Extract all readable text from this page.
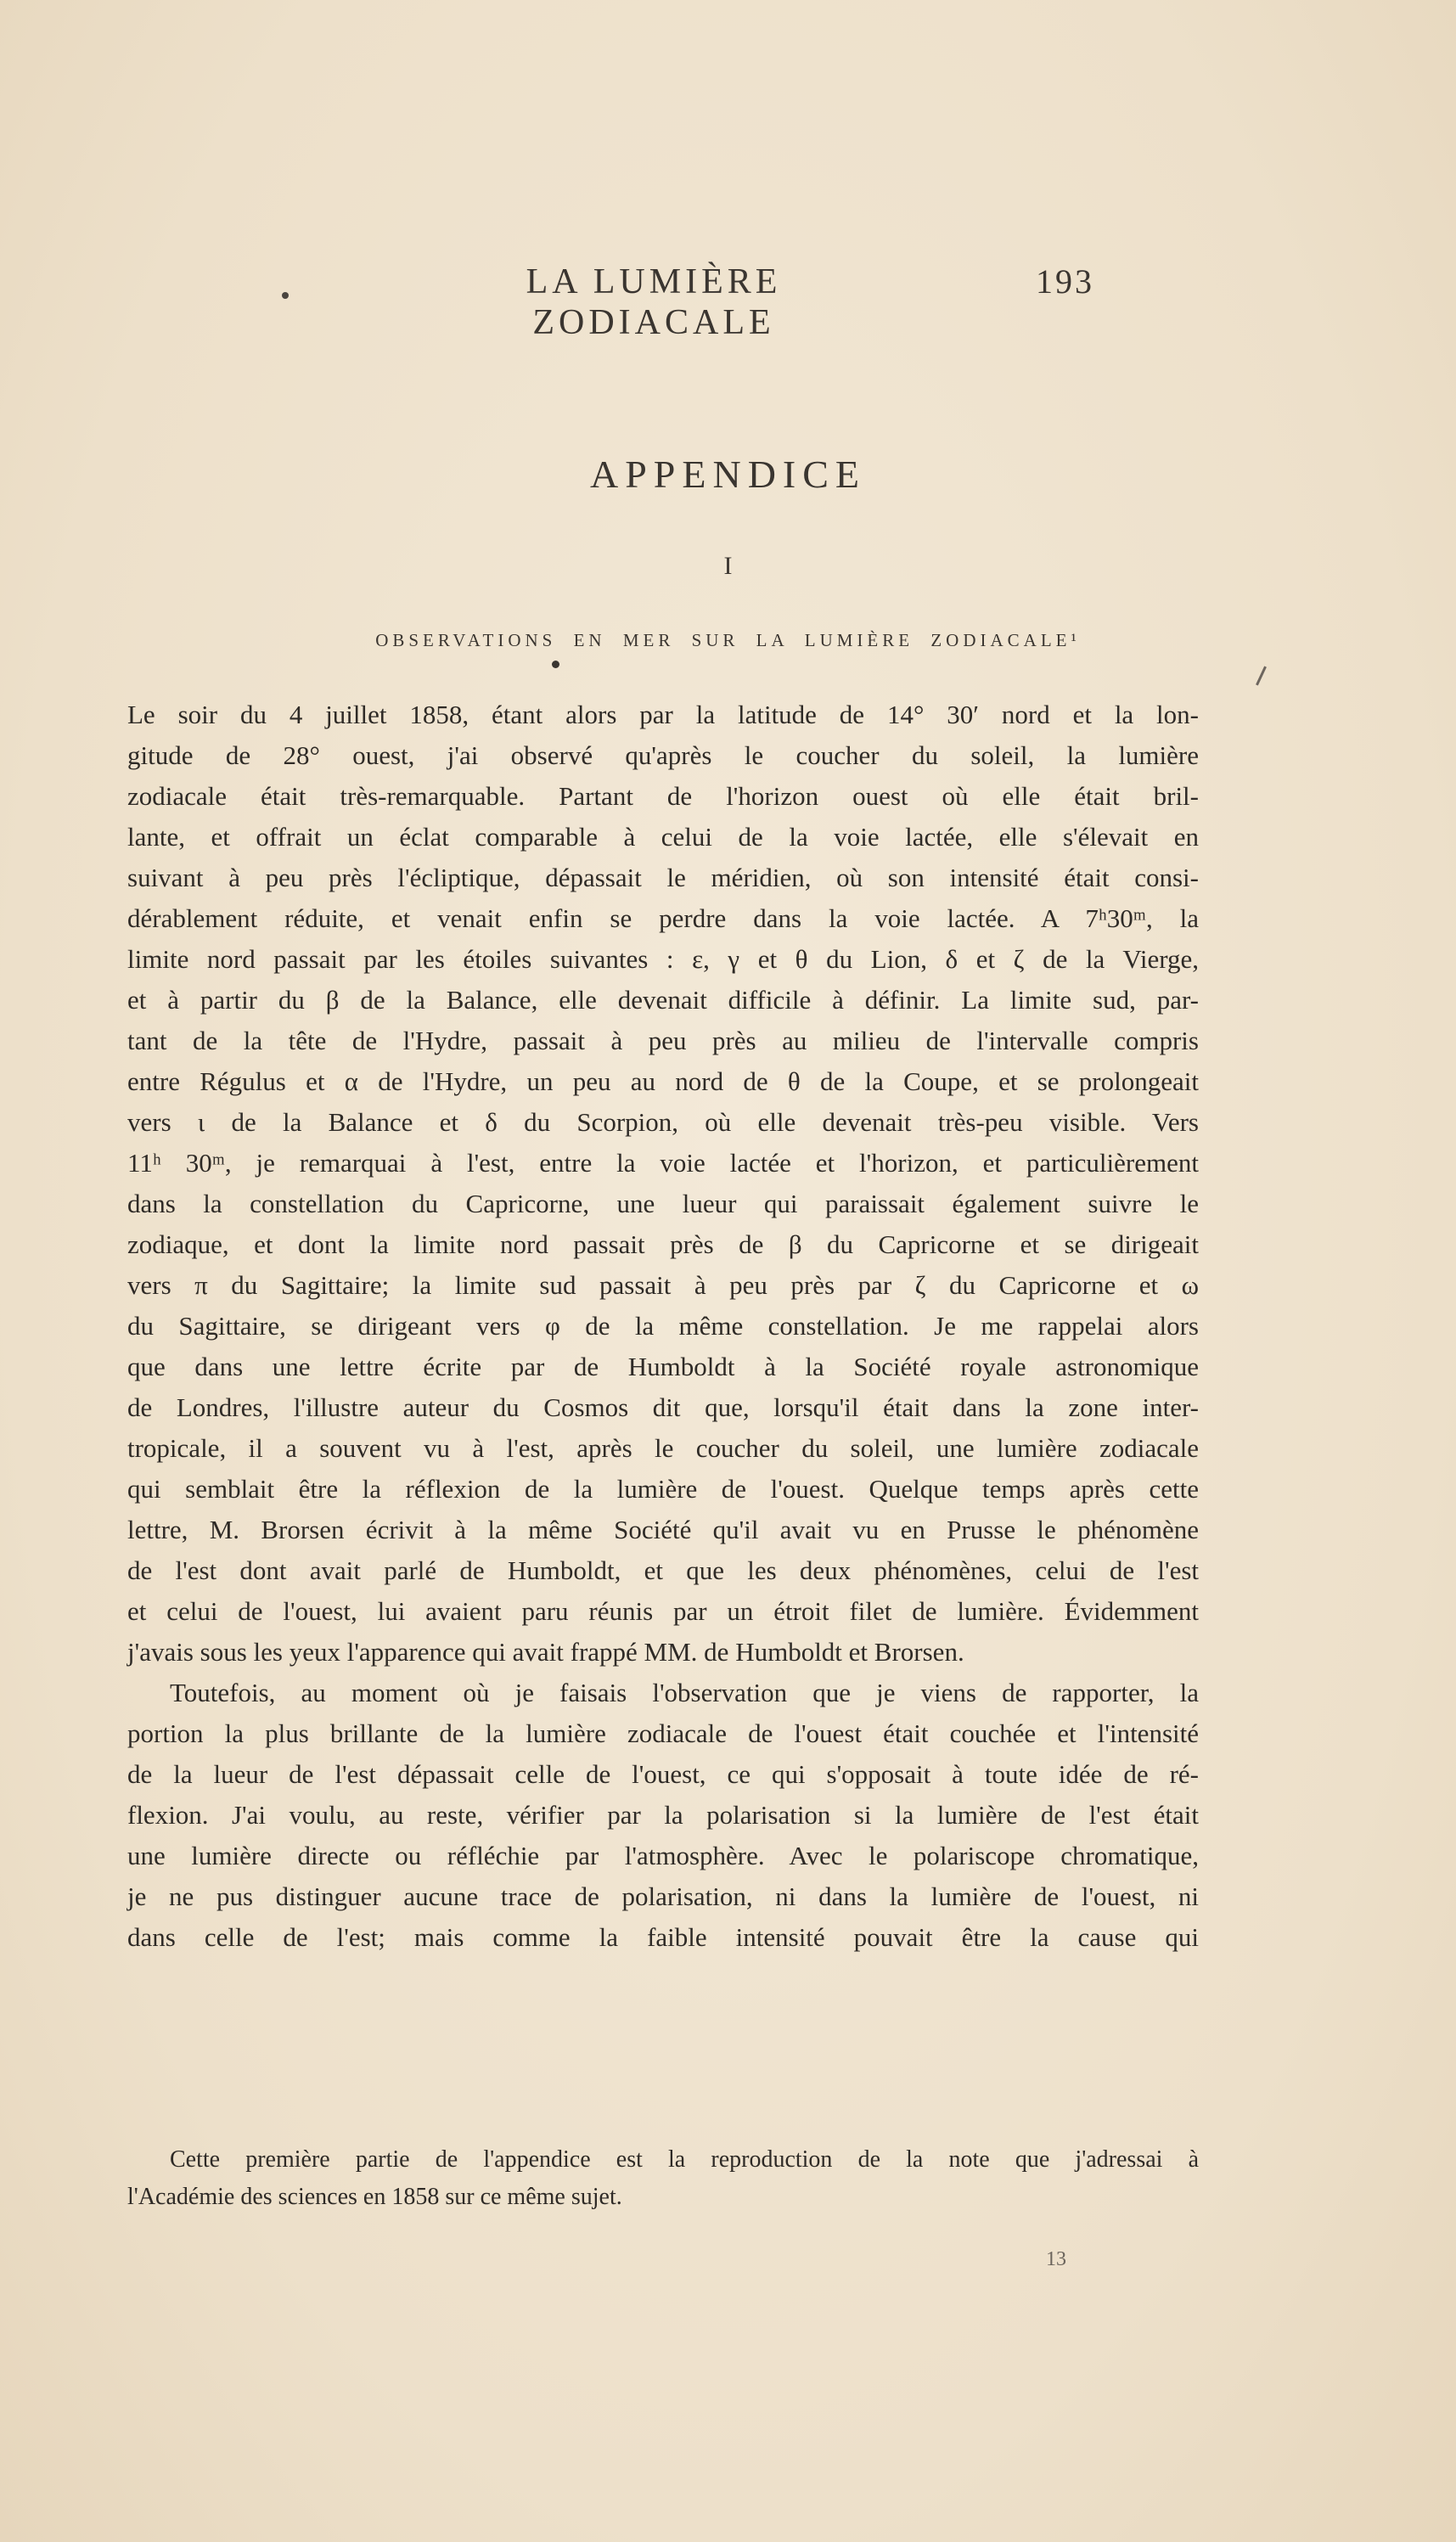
LA LUMIÈRE ZODIACALE
193
APPENDICE
I
OBSERVATIONS EN MER SUR LA LUMIÈRE ZODIACALE¹
Le soir du 4 juillet 1858, étant alors par la latitude de 14° 30′ nord et la lon-
gitude de 28° ouest, j'ai observé qu'après le coucher du soleil, la lumière
zodiacale était très-remarquable. Partant de l'horizon ouest où elle était bril-
lante, et offrait un éclat comparable à celui de la voie lactée, elle s'élevait en
suivant à peu près l'écliptique, dépassait le méridien, où son intensité était consi-
dérablement réduite, et venait enfin se perdre dans la voie lactée. A 7ʰ30ᵐ, la
limite nord passait par les étoiles suivantes : ε, γ et θ du Lion, δ et ζ de la Vierge,
et à partir du β de la Balance, elle devenait difficile à définir. La limite sud, par-
tant de la tête de l'Hydre, passait à peu près au milieu de l'intervalle compris
entre Régulus et α de l'Hydre, un peu au nord de θ de la Coupe, et se prolongeait
vers ι de la Balance et δ du Scorpion, où elle devenait très-peu visible. Vers
11ʰ 30ᵐ, je remarquai à l'est, entre la voie lactée et l'horizon, et particulièrement
dans la constellation du Capricorne, une lueur qui paraissait également suivre le
zodiaque, et dont la limite nord passait près de β du Capricorne et se dirigeait
vers π du Sagittaire; la limite sud passait à peu près par ζ du Capricorne et ω
du Sagittaire, se dirigeant vers φ de la même constellation. Je me rappelai alors
que dans une lettre écrite par de Humboldt à la Société royale astronomique
de Londres, l'illustre auteur du Cosmos dit que, lorsqu'il était dans la zone inter-
tropicale, il a souvent vu à l'est, après le coucher du soleil, une lumière zodiacale
qui semblait être la réflexion de la lumière de l'ouest. Quelque temps après cette
lettre, M. Brorsen écrivit à la même Société qu'il avait vu en Prusse le phénomène
de l'est dont avait parlé de Humboldt, et que les deux phénomènes, celui de l'est
et celui de l'ouest, lui avaient paru réunis par un étroit filet de lumière. Évidemment
j'avais sous les yeux l'apparence qui avait frappé MM. de Humboldt et Brorsen.
Toutefois, au moment où je faisais l'observation que je viens de rapporter, la
portion la plus brillante de la lumière zodiacale de l'ouest était couchée et l'intensité
de la lueur de l'est dépassait celle de l'ouest, ce qui s'opposait à toute idée de ré-
flexion. J'ai voulu, au reste, vérifier par la polarisation si la lumière de l'est était
une lumière directe ou réfléchie par l'atmosphère. Avec le polariscope chromatique,
je ne pus distinguer aucune trace de polarisation, ni dans la lumière de l'ouest, ni
dans celle de l'est; mais comme la faible intensité pouvait être la cause qui
Cette première partie de l'appendice est la reproduction de la note que j'adressai à
l'Académie des sciences en 1858 sur ce même sujet.
13
